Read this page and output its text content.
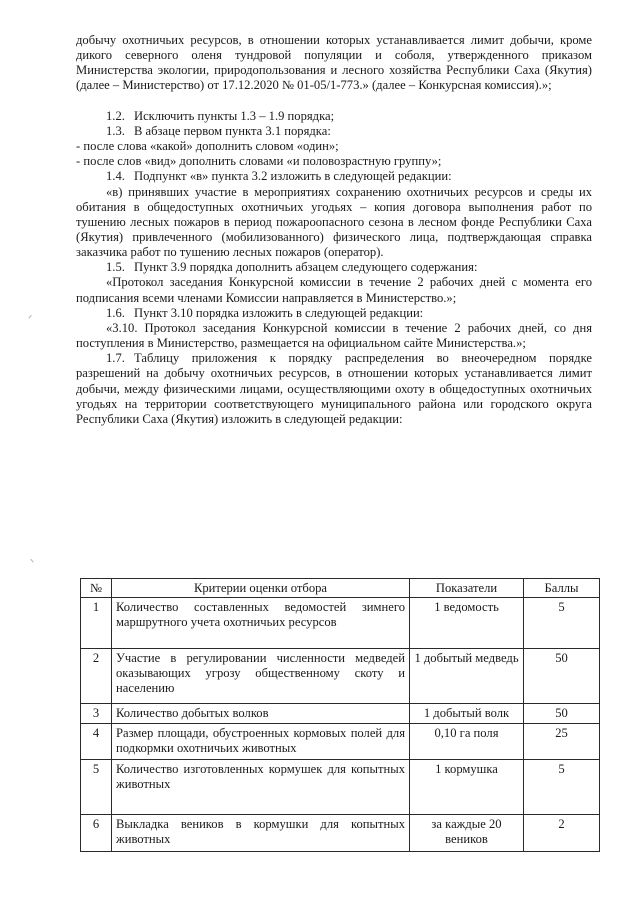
ᐟ
ᐠ

добычу охотничьих ресурсов, в отношении которых устанавливается лимит добычи, кроме дикого северного оленя тундровой популяции и соболя, утвержденного приказом Министерства экологии, природопользования и лесного хозяйства Республики Саха (Якутия) (далее – Министерство) от 17.12.2020 № 01-05/1-773.» (далее – Конкурсная комиссия).»;

1.2. Исключить пункты 1.3 – 1.9 порядка;

1.3. В абзаце первом пункта 3.1 порядка:

- после слова «какой» дополнить словом «один»;

- после слов «вид» дополнить словами «и половозрастную группу»;

1.4. Подпункт «в» пункта 3.2 изложить в следующей редакции:

«в) принявших участие в мероприятиях сохранению охотничьих ресурсов и среды их обитания в общедоступных охотничьих угодьях – копия договора выполнения работ по тушению лесных пожаров в период пожароопасного сезона в лесном фонде Республики Саха (Якутия) привлеченного (мобилизованного) физического лица, подтверждающая справка заказчика работ по тушению лесных пожаров (оператор).

1.5. Пункт 3.9 порядка дополнить абзацем следующего содержания:

«Протокол заседания Конкурсной комиссии в течение 2 рабочих дней с момента его подписания всеми членами Комиссии направляется в Министерство.»;

1.6. Пункт 3.10 порядка изложить в следующей редакции:

«3.10. Протокол заседания Конкурсной комиссии в течение 2 рабочих дней, со дня поступления в Министерство, размещается на официальном сайте Министерства.»;

1.7. Таблицу приложения к порядку распределения во внеочередном порядке разрешений на добычу охотничьих ресурсов, в отношении которых устанавливается лимит добычи, между физическими лицами, осуществляющими охоту в общедоступных охотничьих угодьях на территории соответствующего муниципального района или городского округа Республики Саха (Якутия) изложить в следующей редакции:

№	Критерии оценки отбора	Показатели	Баллы
1	Количество составленных ведомостей зимнего маршрутного учета охотничьих ресурсов	1 ведомость	5
2	Участие в регулировании численности медведей оказывающих угрозу общественному скоту и населению	1 добытый медведь	50
3	Количество добытых волков	1 добытый волк	50
4	Размер площади, обустроенных кормовых полей для подкормки охотничьих животных	0,10 га поля	25
5	Количество изготовленных кормушек для копытных животных	1 кормушка	5
6	Выкладка веников в кормушки для копытных животных	за каждые 20 веников	2
